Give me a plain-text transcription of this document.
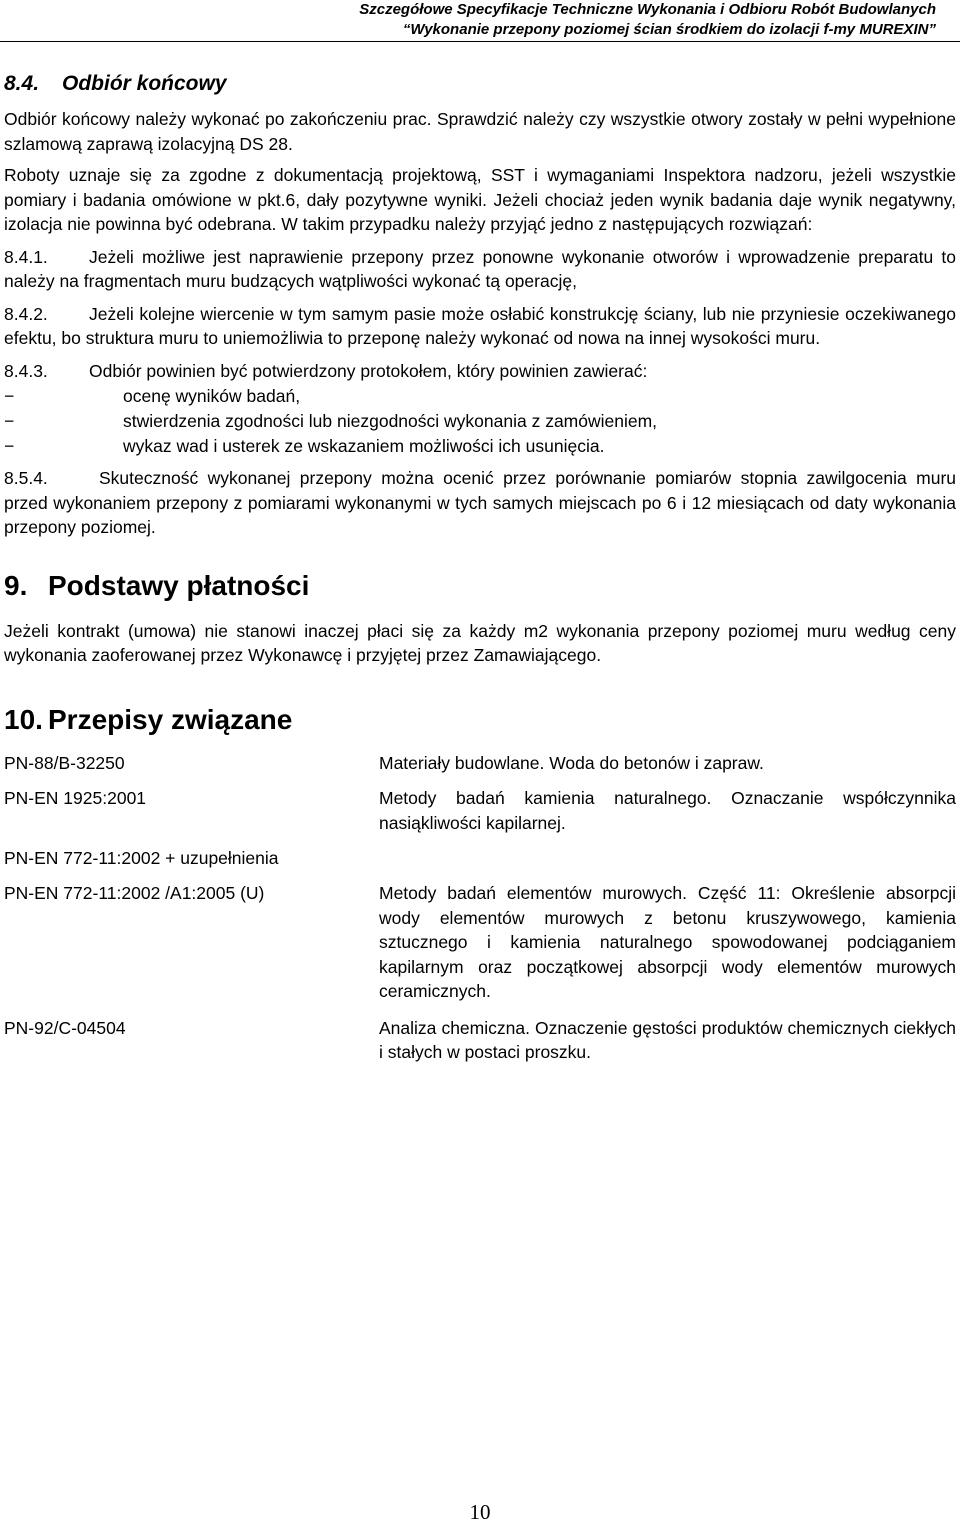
Szczegółowe Specyfikacje Techniczne Wykonania i Odbioru Robót Budowlanych
“Wykonanie przepony poziomej ścian środkiem do izolacji f-my MUREXIN”
8.4. Odbiór końcowy

Odbiór końcowy należy wykonać po zakończeniu prac. Sprawdzić należy czy wszystkie otwory zostały w pełni wypełnione szlamową zaprawą izolacyjną DS 28.

Roboty uznaje się za zgodne z dokumentacją projektową, SST i wymaganiami Inspektora nadzoru, jeżeli wszystkie pomiary i badania omówione w pkt.6, dały pozytywne wyniki. Jeżeli chociaż jeden wynik badania daje wynik negatywny, izolacja nie powinna być odebrana. W takim przypadku należy przyjąć jedno z następujących rozwiązań:

8.4.1. Jeżeli możliwe jest naprawienie przepony przez ponowne wykonanie otworów i wprowadzenie preparatu to należy na fragmentach muru budzących wątpliwości wykonać tą operację,

8.4.2. Jeżeli kolejne wiercenie w tym samym pasie może osłabić konstrukcję ściany, lub nie przyniesie oczekiwanego efektu, bo struktura muru to uniemożliwia to przeponę należy wykonać od nowa na innej wysokości muru.

8.4.3. Odbiór powinien być potwierdzony protokołem, który powinien zawierać:

−	ocenę wyników badań,
−	stwierdzenia zgodności lub niezgodności wykonania z zamówieniem,
−	wykaz wad i usterek ze wskazaniem możliwości ich usunięcia.

8.5.4.	Skuteczność wykonanej przepony można ocenić przez porównanie pomiarów stopnia zawilgocenia muru przed wykonaniem przepony z pomiarami wykonanymi w tych samych miejscach po 6 i 12 miesiącach od daty wykonania przepony poziomej.

9. Podstawy płatności

Jeżeli kontrakt (umowa) nie stanowi inaczej płaci się za każdy m2 wykonania przepony poziomej muru według ceny wykonania zaoferowanej przez Wykonawcę i przyjętej przez Zamawiającego.

10. Przepisy związane
PN-88/B-32250	Materiały budowlane. Woda do betonów i zapraw.
PN-EN 1925:2001	Metody badań kamienia naturalnego. Oznaczanie współczynnika nasiąkliwości kapilarnej.
PN-EN 772-11:2002 + uzupełnienia
PN-EN 772-11:2002 /A1:2005 (U)	Metody badań elementów murowych. Część 11: Określenie absorpcji wody elementów murowych z betonu kruszywowego, kamienia sztucznego i kamienia naturalnego spowodowanej podciąganiem kapilarnym oraz początkowej absorpcji wody elementów murowych ceramicznych.
PN-92/C-04504	Analiza chemiczna. Oznaczenie gęstości produktów chemicznych ciekłych i stałych w postaci proszku.
10
